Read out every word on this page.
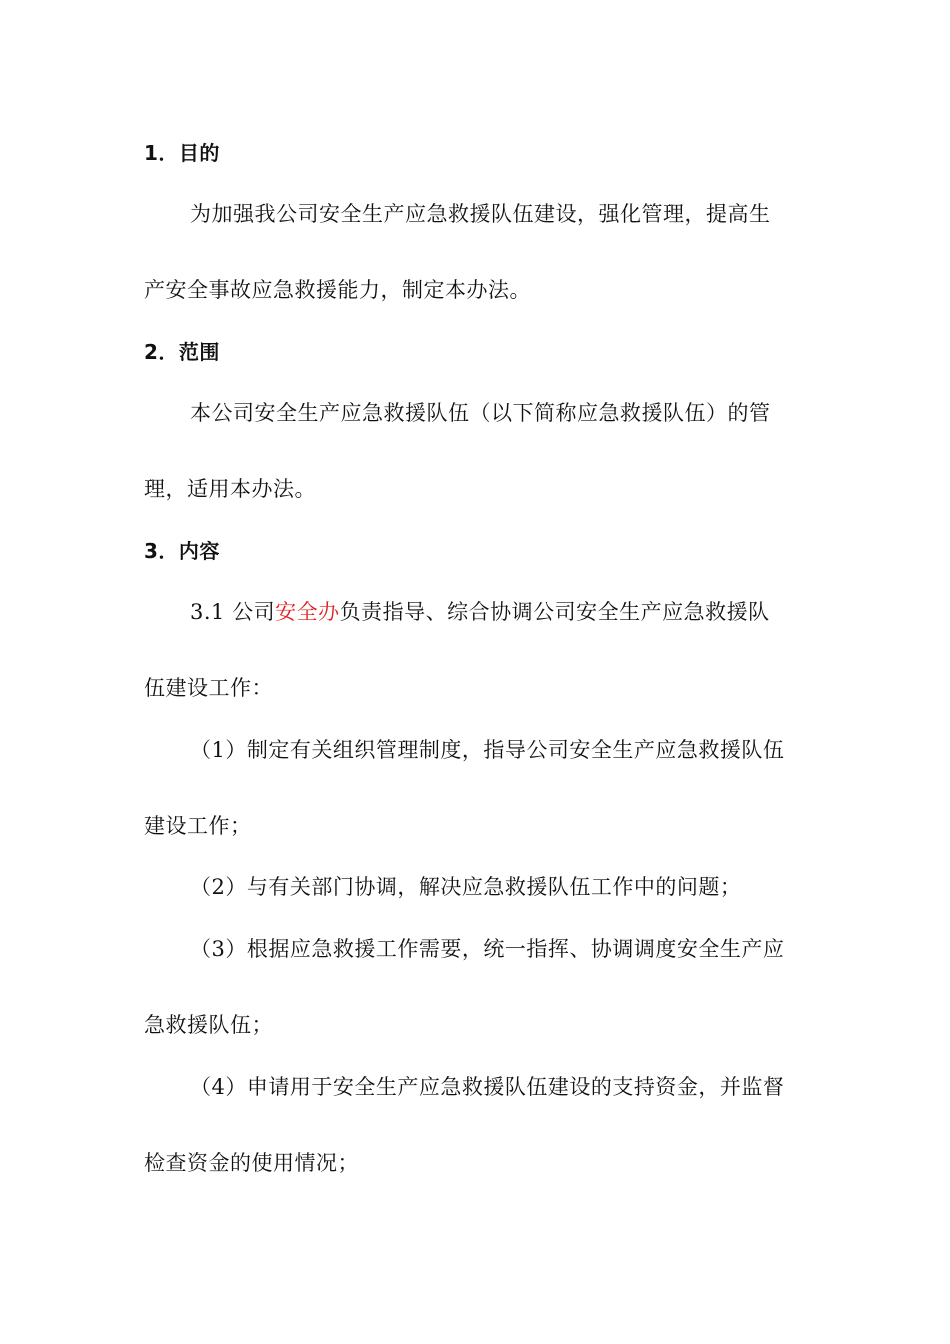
1．目的
为加强我公司安全生产应急救援队伍建设，强化管理，提高生
产安全事故应急救援能力，制定本办法。
2．范围
本公司安全生产应急救援队伍（以下简称应急救援队伍）的管
理，适用本办法。
3．内容
3.1 公司安全办负责指导、综合协调公司安全生产应急救援队
伍建设工作：
（1）制定有关组织管理制度，指导公司安全生产应急救援队伍
建设工作；
（2）与有关部门协调，解决应急救援队伍工作中的问题；
（3）根据应急救援工作需要，统一指挥、协调调度安全生产应
急救援队伍；
（4）申请用于安全生产应急救援队伍建设的支持资金，并监督
检查资金的使用情况；
